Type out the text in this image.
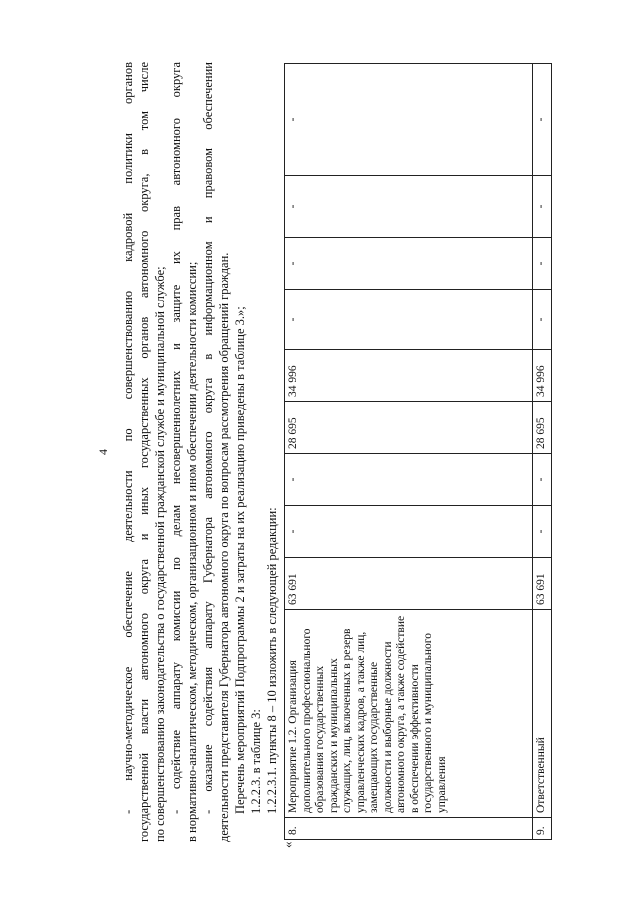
4 - научно-методическое обеспечение деятельности по совершенствованию кадровой политики органов государственной власти автономного округа и иных государственных органов автономного округа, в том числе по совершенствованию законодательства о государственной гражданской службе и муниципальной службе; - содействие аппарату комиссии по делам несовершеннолетних и защите их прав автономного округа в нормативно-аналитическом, методическом, организационном и ином обеспечении деятельности комиссии; - оказание содействия аппарату Губернатора автономного округа в информационном и правовом обеспечении деятельности представителя Губернатора автономного округа по вопросам рассмотрения обращений граждан. Перечень мероприятий Подпрограммы 2 и затраты на их реализацию приведены в таблице 3.»; 1.2.2.3. в таблице 3: 1.2.2.3.1. пункты 8 – 10 изложить в следующей редакции:
«
8.	Мероприятие 1.2. Организация дополнительного профессионального образования государственных гражданских и муниципальных служащих, лиц, включенных в резерв управленческих кадров, а также лиц, замещающих государственные должности и выборные должности автономного округа, а также содействие в обеспечении эффективности государственного и муниципального управления	63 691	-	-	28 695	34 996	-	-	-	-
9.	Ответственный	63 691	-	-	28 695	34 996	-	-	-	-
